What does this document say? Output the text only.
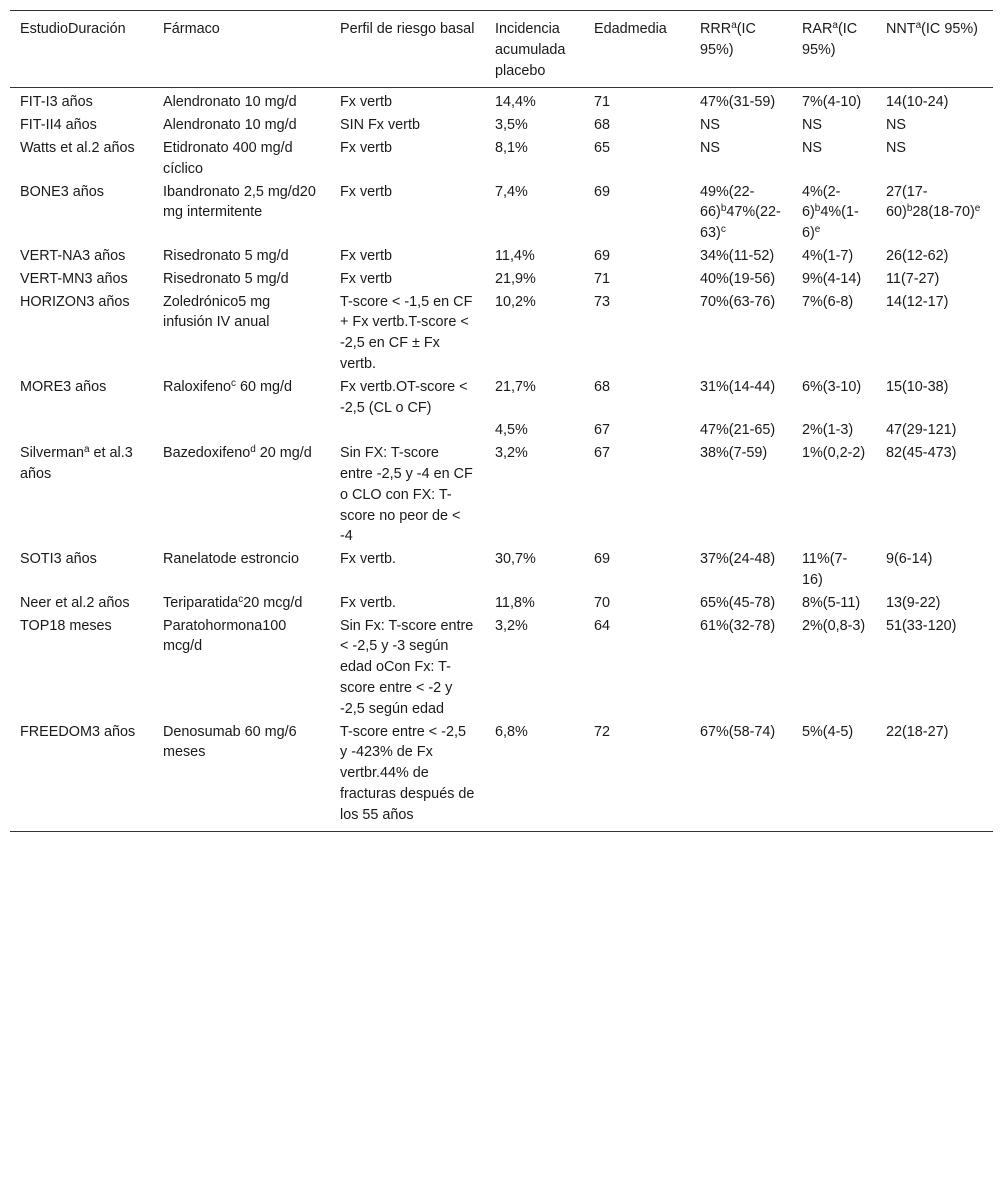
EstudioDuración	Fármaco	Perfil de riesgo basal	Incidencia acumulada placebo	Edadmedia	RRR$^a$(IC 95%)	RAR$^a$(IC 95%)	NNT$^a$(IC 95%)
FIT-I3 años	Alendronato 10 mg/d	Fx vertb	14,4%	71	47%(31-59)	7%(4-10)	14(10-24)
FIT-II4 años	Alendronato 10 mg/d	SIN Fx vertb	3,5%	68	NS	NS	NS
Watts et al.2 años	Etidronato 400 mg/d cíclico	Fx vertb	8,1%	65	NS	NS	NS
BONE3 años	Ibandronato 2,5 mg/d20 mg intermitente	Fx vertb	7,4%	69	$49\%(22-66)^b47\%(22-63)^c$	$4\%(2-6)^b4\%(1-6)^e$	$27(17-60)^b28(18-70)^e$
VERT-NA3 años	Risedronato 5 mg/d	Fx vertb	11,4%	69	34%(11-52)	4%(1-7)	26(12-62)
VERT-MN3 años	Risedronato 5 mg/d	Fx vertb	21,9%	71	40%(19-56)	9%(4-14)	11(7-27)
HORIZON3 años	Zoledrónico5 mg infusión IV anual	T-score < -1,5 en CF + Fx vertb.T-score < -2,5 en CF ± Fx vertb.	10,2%	73	70%(63-76)	7%(6-8)	14(12-17)
MORE3 años	Raloxifeno$^c$ 60 mg/d	Fx vertb.OT-score < -2,5 (CL o CF)	21,7%	68	31%(14-44)	6%(3-10)	15(10-38)
			4,5%	67	47%(21-65)	2%(1-3)	47(29-121)
Silverman$^a$ et al.3 años	Bazedoxifeno$^d$ 20 mg/d	Sin FX: T-score entre -2,5 y -4 en CF o CLO con FX: T-score no peor de < -4	3,2%	67	38%(7-59)	1%(0,2-2)	82(45-473)
SOTI3 años	Ranelatode estroncio	Fx vertb.	30,7%	69	37%(24-48)	11%(7-16)	9(6-14)
Neer et al.2 años	Teriparatida$^c$20 mcg/d	Fx vertb.	11,8%	70	65%(45-78)	8%(5-11)	13(9-22)
TOP18 meses	Paratohormona100 mcg/d	Sin Fx: T-score entre < -2,5 y -3 según edad oCon Fx: T-score entre < -2 y -2,5 según edad	3,2%	64	61%(32-78)	2%(0,8-3)	51(33-120)
FREEDOM3 años	Denosumab 60 mg/6 meses	T-score entre < -2,5 y -423% de Fx vertbr.44% de fracturas después de los 55 años	6,8%	72	67%(58-74)	5%(4-5)	22(18-27)
